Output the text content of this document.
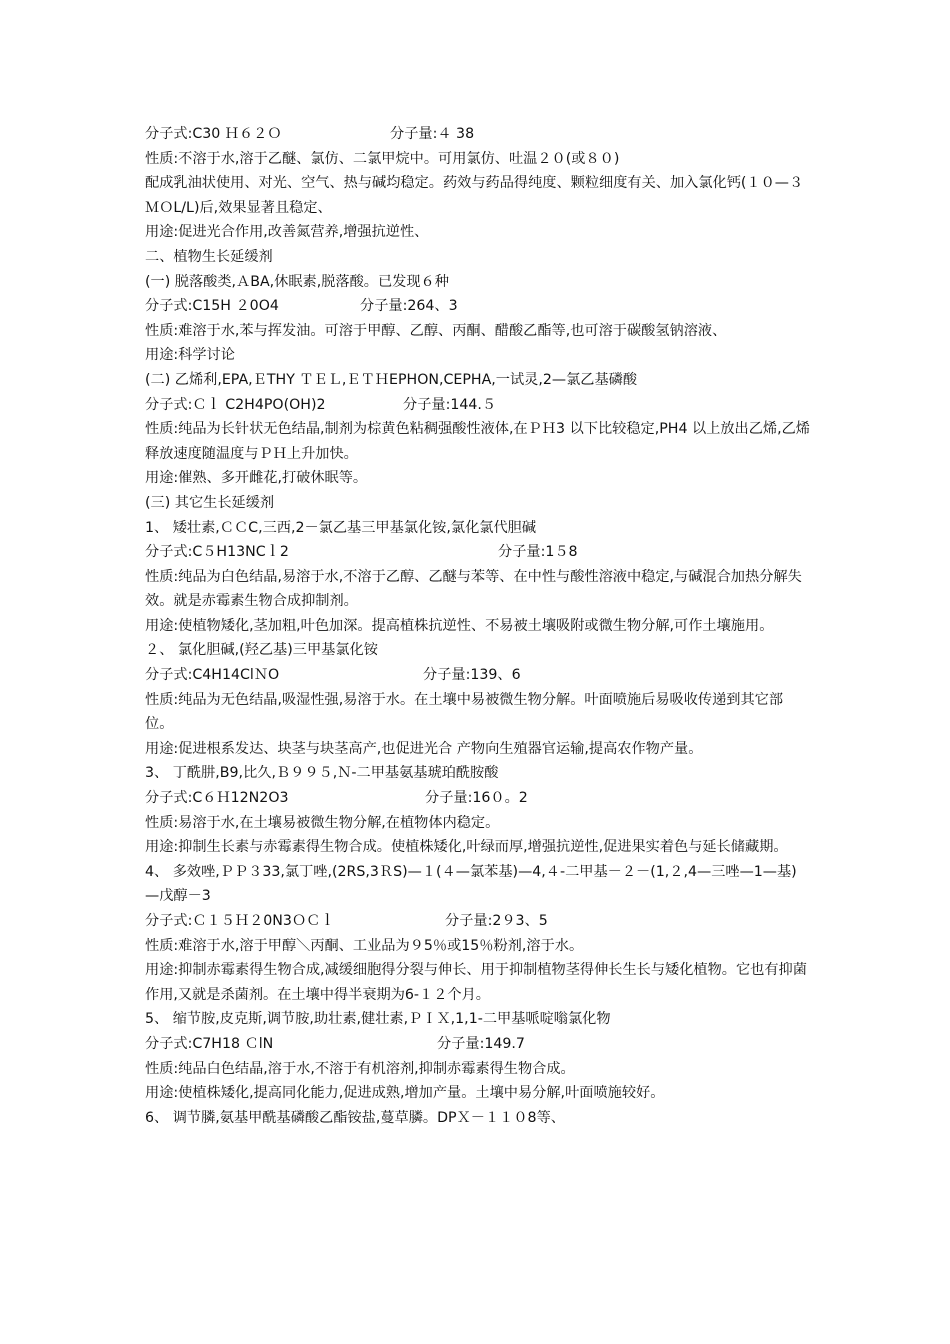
分子式:C30 Ｈ６２Ｏ	分子量:４ 38
性质:不溶于水,溶于乙醚、氯仿、二氯甲烷中。可用氯仿、吐温２０(或８０)
配成乳油状使用、对光、空气、热与碱均稳定。药效与药品得纯度、颗粒细度有关、加入氯化钙(１０—３ＭＯL/L)后,效果显著且稳定、
用途:促进光合作用,改善氮营养,增强抗逆性、
二、植物生长延缓剂
(一) 脱落酸类,ＡBA,休眠素,脱落酸。已发现６种
分子式:C15H ２0O4	分子量:264、3
性质:难溶于水,苯与挥发油。可溶于甲醇、乙醇、丙酮、醋酸乙酯等,也可溶于碳酸氢钠溶液、
用途:科学讨论
(二) 乙烯利,EPA,ＥTHY ＴＥＬ,ＥＴＨEPHON,CEPHA,一试灵,2—氯乙基磷酸
分子式:Ｃｌ C2H4PO(OH)2	分子量:144.５
性质:纯品为长针状无色结晶,制剂为棕黄色粘稠强酸性液体,在ＰＨ3 以下比较稳定,PH4 以上放出乙烯,乙烯释放速度随温度与ＰＨ上升加快。
用途:催熟、多开雌花,打破休眠等。
(三) 其它生长延缓剂
1、 矮壮素,ＣＣC,三西,2－氯乙基三甲基氯化铵,氯化氯代胆碱
分子式:C５H13NCｌ2	分子量:1５8
性质:纯品为白色结晶,易溶于水,不溶于乙醇、乙醚与苯等、在中性与酸性溶液中稳定,与碱混合加热分解失效。就是赤霉素生物合成抑制剂。
用途:使植物矮化,茎加粗,叶色加深。提高植株抗逆性、不易被土壤吸附或微生物分解,可作土壤施用。
２、 氯化胆碱,(羟乙基)三甲基氯化铵
分子式:C4H14ClＮO	分子量:139、6
性质:纯品为无色结晶,吸湿性强,易溶于水。在土壤中易被微生物分解。叶面喷施后易吸收传递到其它部位。
用途:促进根系发达、块茎与块茎高产,也促进光合 产物向生殖器官运输,提高农作物产量。
3、 丁酰肼,B9,比久,Ｂ９９５,Ｎ-二甲基氨基琥珀酰胺酸
分子式:C６Ｈ12N2O3	分子量:16０。2
性质:易溶于水,在土壤易被微生物分解,在植物体内稳定。
用途:抑制生长素与赤霉素得生物合成。使植株矮化,叶绿而厚,增强抗逆性,促进果实着色与延长储藏期。
4、 多效唑,ＰＰ３33,氯丁唑,(2RS,3ＲS)—１(４—氯苯基)—4,４-二甲基－２－(1,２,4—三唑—1—基)—戊醇－3
分子式:Ｃ１５Ｈ２0N3ＯＣｌ	分子量:2９3、5
性质:难溶于水,溶于甲醇＼丙酮、工业品为９5％或15％粉剂,溶于水。
用途:抑制赤霉素得生物合成,减缓细胞得分裂与伸长、用于抑制植物茎得伸长生长与矮化植物。它也有抑菌作用,又就是杀菌剂。在土壤中得半衰期为6-１２个月。
5、 缩节胺,皮克斯,调节胺,助壮素,健壮素,ＰＩＸ,1,1-二甲基哌啶嗡氯化物
分子式:C7H18 ＣlN	分子量:149.7
性质:纯品白色结晶,溶于水,不溶于有机溶剂,抑制赤霉素得生物合成。
用途:使植株矮化,提高同化能力,促进成熟,增加产量。土壤中易分解,叶面喷施较好。
6、 调节膦,氨基甲酰基磷酸乙酯铵盐,蔓草膦。DPＸ－１１０8等、
